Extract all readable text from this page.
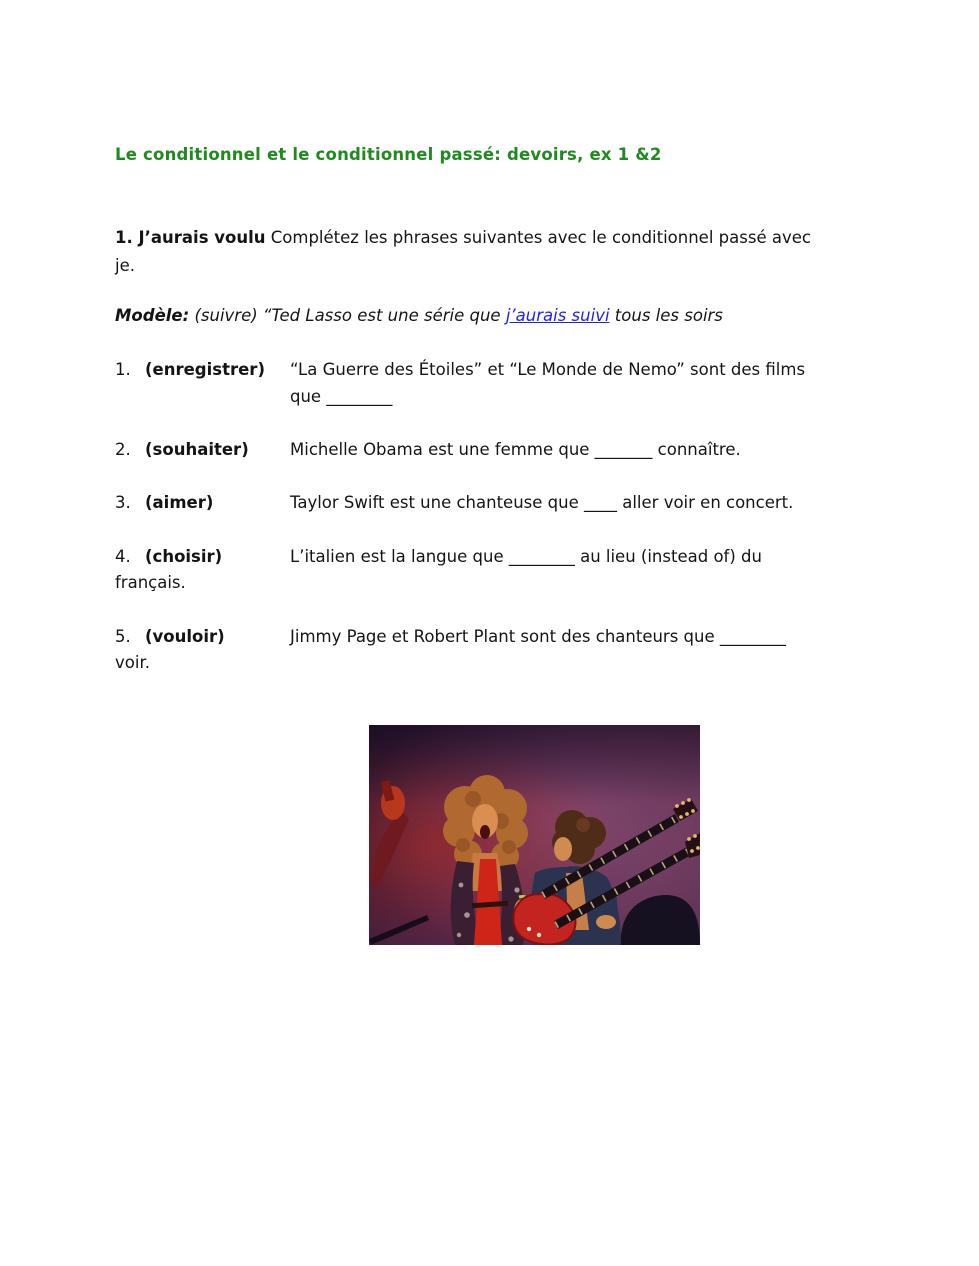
Le conditionnel et le conditionnel passé: devoirs, ex 1 &2

1. J’aurais voulu Complétez les phrases suivantes avec le conditionnel passé avec
je.

Modèle: (suivre) “Ted Lasso est une série que j’aurais suivi tous les soirs

1. (enregistrer) “La Guerre des Étoiles” et “Le Monde de Nemo” sont des films
que ________
2. (souhaiter)	Michelle Obama est une femme que _______ connaître.
3. (aimer)	Taylor Swift est une chanteuse que ____ aller voir en concert.
4. (choisir)	L’italien est la langue que ________ au lieu (instead of) du
français.
5. (vouloir)	Jimmy Page et Robert Plant sont des chanteurs que ________
voir.
